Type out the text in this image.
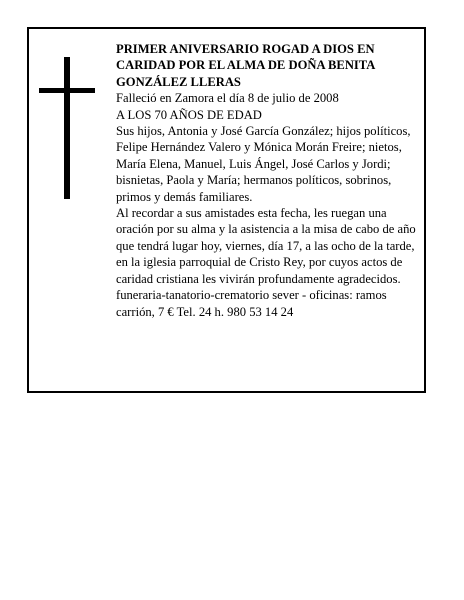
PRIMER ANIVERSARIO ROGAD A DIOS EN CARIDAD POR EL ALMA DE DOÑA BENITA GONZÁLEZ LLERAS

Falleció en Zamora el día 8 de julio de 2008

A LOS 70 AÑOS DE EDAD

Sus hijos, Antonia y José García González; hijos políticos, Felipe Hernández Valero y Mónica Morán Freire; nietos, María Elena, Manuel, Luis Ángel, José Carlos y Jordi; bisnietas, Paola y María; hermanos políticos, sobrinos, primos y demás familiares.

Al recordar a sus amistades esta fecha, les ruegan una oración por su alma y la asistencia a la misa de cabo de año que tendrá lugar hoy, viernes, día 17, a las ocho de la tarde, en la iglesia parroquial de Cristo Rey, por cuyos actos de caridad cristiana les vivirán profundamente agradecidos.

funeraria-tanatorio-crematorio sever - oficinas: ramos carrión, 7 € Tel. 24 h. 980 53 14 24
